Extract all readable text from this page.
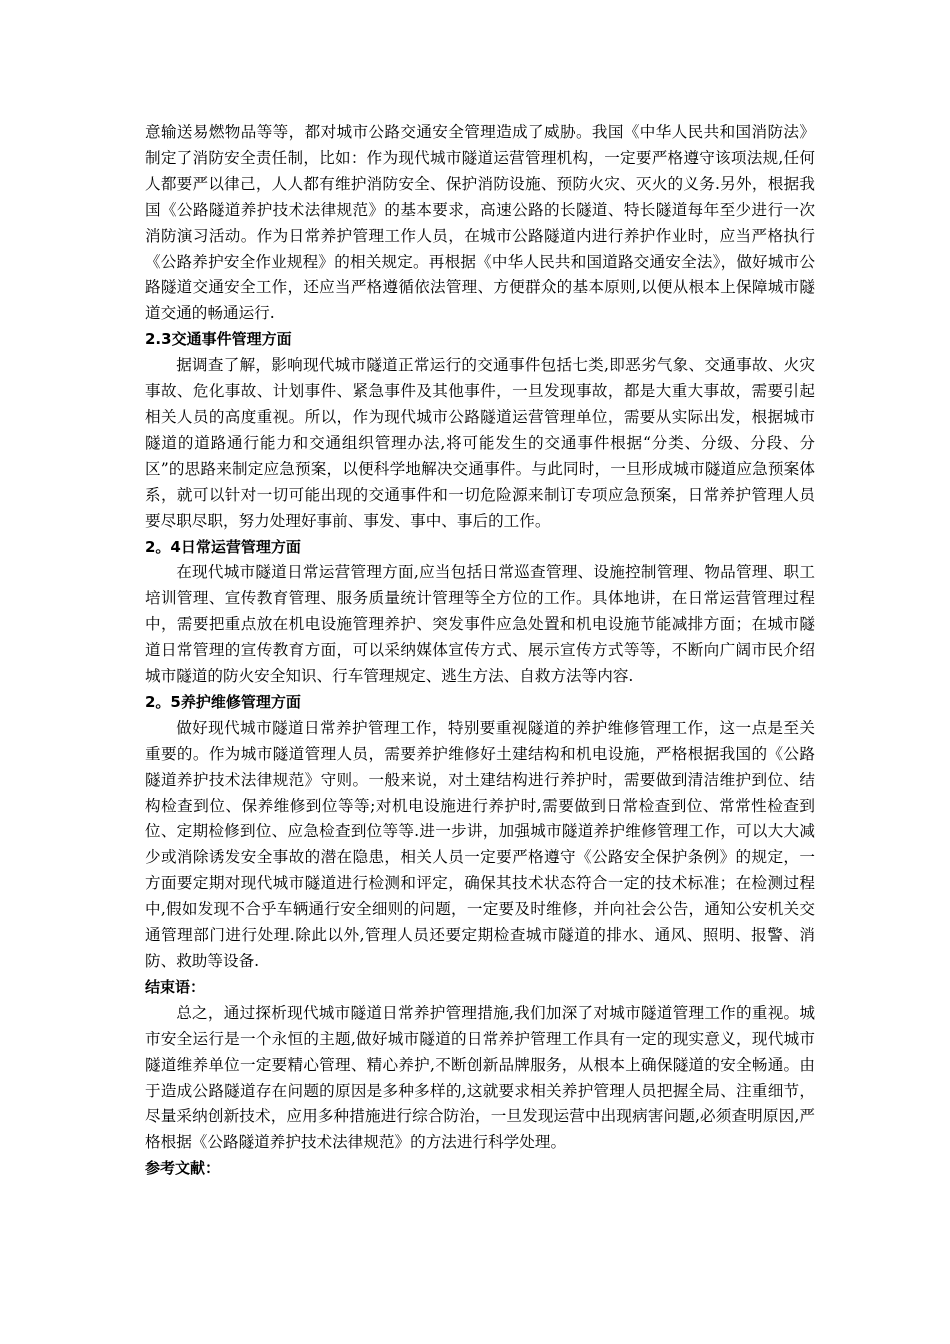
意输送易燃物品等等，都对城市公路交通安全管理造成了威胁。我国《中华人民共和国消防法》制定了消防安全责任制，比如：作为现代城市隧道运营管理机构，一定要严格遵守该项法规,任何人都要严以律己，人人都有维护消防安全、保护消防设施、预防火灾、灭火的义务.另外，根据我国《公路隧道养护技术法律规范》的基本要求，高速公路的长隧道、特长隧道每年至少进行一次消防演习活动。作为日常养护管理工作人员，在城市公路隧道内进行养护作业时，应当严格执行《公路养护安全作业规程》的相关规定。再根据《中华人民共和国道路交通安全法》，做好城市公路隧道交通安全工作，还应当严格遵循依法管理、方便群众的基本原则,以便从根本上保障城市隧道交通的畅通运行.

2.3交通事件管理方面

据调查了解，影响现代城市隧道正常运行的交通事件包括七类,即恶劣气象、交通事故、火灾事故、危化事故、计划事件、紧急事件及其他事件，一旦发现事故，都是大重大事故，需要引起相关人员的高度重视。所以，作为现代城市公路隧道运营管理单位，需要从实际出发，根据城市隧道的道路通行能力和交通组织管理办法,将可能发生的交通事件根据“分类、分级、分段、分区”的思路来制定应急预案，以便科学地解决交通事件。与此同时，一旦形成城市隧道应急预案体系，就可以针对一切可能出现的交通事件和一切危险源来制订专项应急预案，日常养护管理人员要尽职尽职，努力处理好事前、事发、事中、事后的工作。

2。4日常运营管理方面

在现代城市隧道日常运营管理方面,应当包括日常巡查管理、设施控制管理、物品管理、职工培训管理、宣传教育管理、服务质量统计管理等全方位的工作。具体地讲，在日常运营管理过程中，需要把重点放在机电设施管理养护、突发事件应急处置和机电设施节能减排方面；在城市隧道日常管理的宣传教育方面，可以采纳媒体宣传方式、展示宣传方式等等，不断向广阔市民介绍城市隧道的防火安全知识、行车管理规定、逃生方法、自救方法等内容.

2。5养护维修管理方面

做好现代城市隧道日常养护管理工作，特别要重视隧道的养护维修管理工作，这一点是至关重要的。作为城市隧道管理人员，需要养护维修好土建结构和机电设施，严格根据我国的《公路隧道养护技术法律规范》守则。一般来说，对土建结构进行养护时，需要做到清洁维护到位、结构检查到位、保养维修到位等等;对机电设施进行养护时,需要做到日常检查到位、常常性检查到位、定期检修到位、应急检查到位等等.进一步讲，加强城市隧道养护维修管理工作，可以大大减少或消除诱发安全事故的潜在隐患，相关人员一定要严格遵守《公路安全保护条例》的规定，一方面要定期对现代城市隧道进行检测和评定，确保其技术状态符合一定的技术标准；在检测过程中,假如发现不合乎车辆通行安全细则的问题，一定要及时维修，并向社会公告，通知公安机关交通管理部门进行处理.除此以外,管理人员还要定期检查城市隧道的排水、通风、照明、报警、消防、救助等设备.

结束语：

总之，通过探析现代城市隧道日常养护管理措施,我们加深了对城市隧道管理工作的重视。城市安全运行是一个永恒的主题,做好城市隧道的日常养护管理工作具有一定的现实意义，现代城市隧道维养单位一定要精心管理、精心养护,不断创新品牌服务，从根本上确保隧道的安全畅通。由于造成公路隧道存在问题的原因是多种多样的,这就要求相关养护管理人员把握全局、注重细节，尽量采纳创新技术，应用多种措施进行综合防治，一旦发现运营中出现病害问题,必须查明原因,严格根据《公路隧道养护技术法律规范》的方法进行科学处理。

参考文献：
